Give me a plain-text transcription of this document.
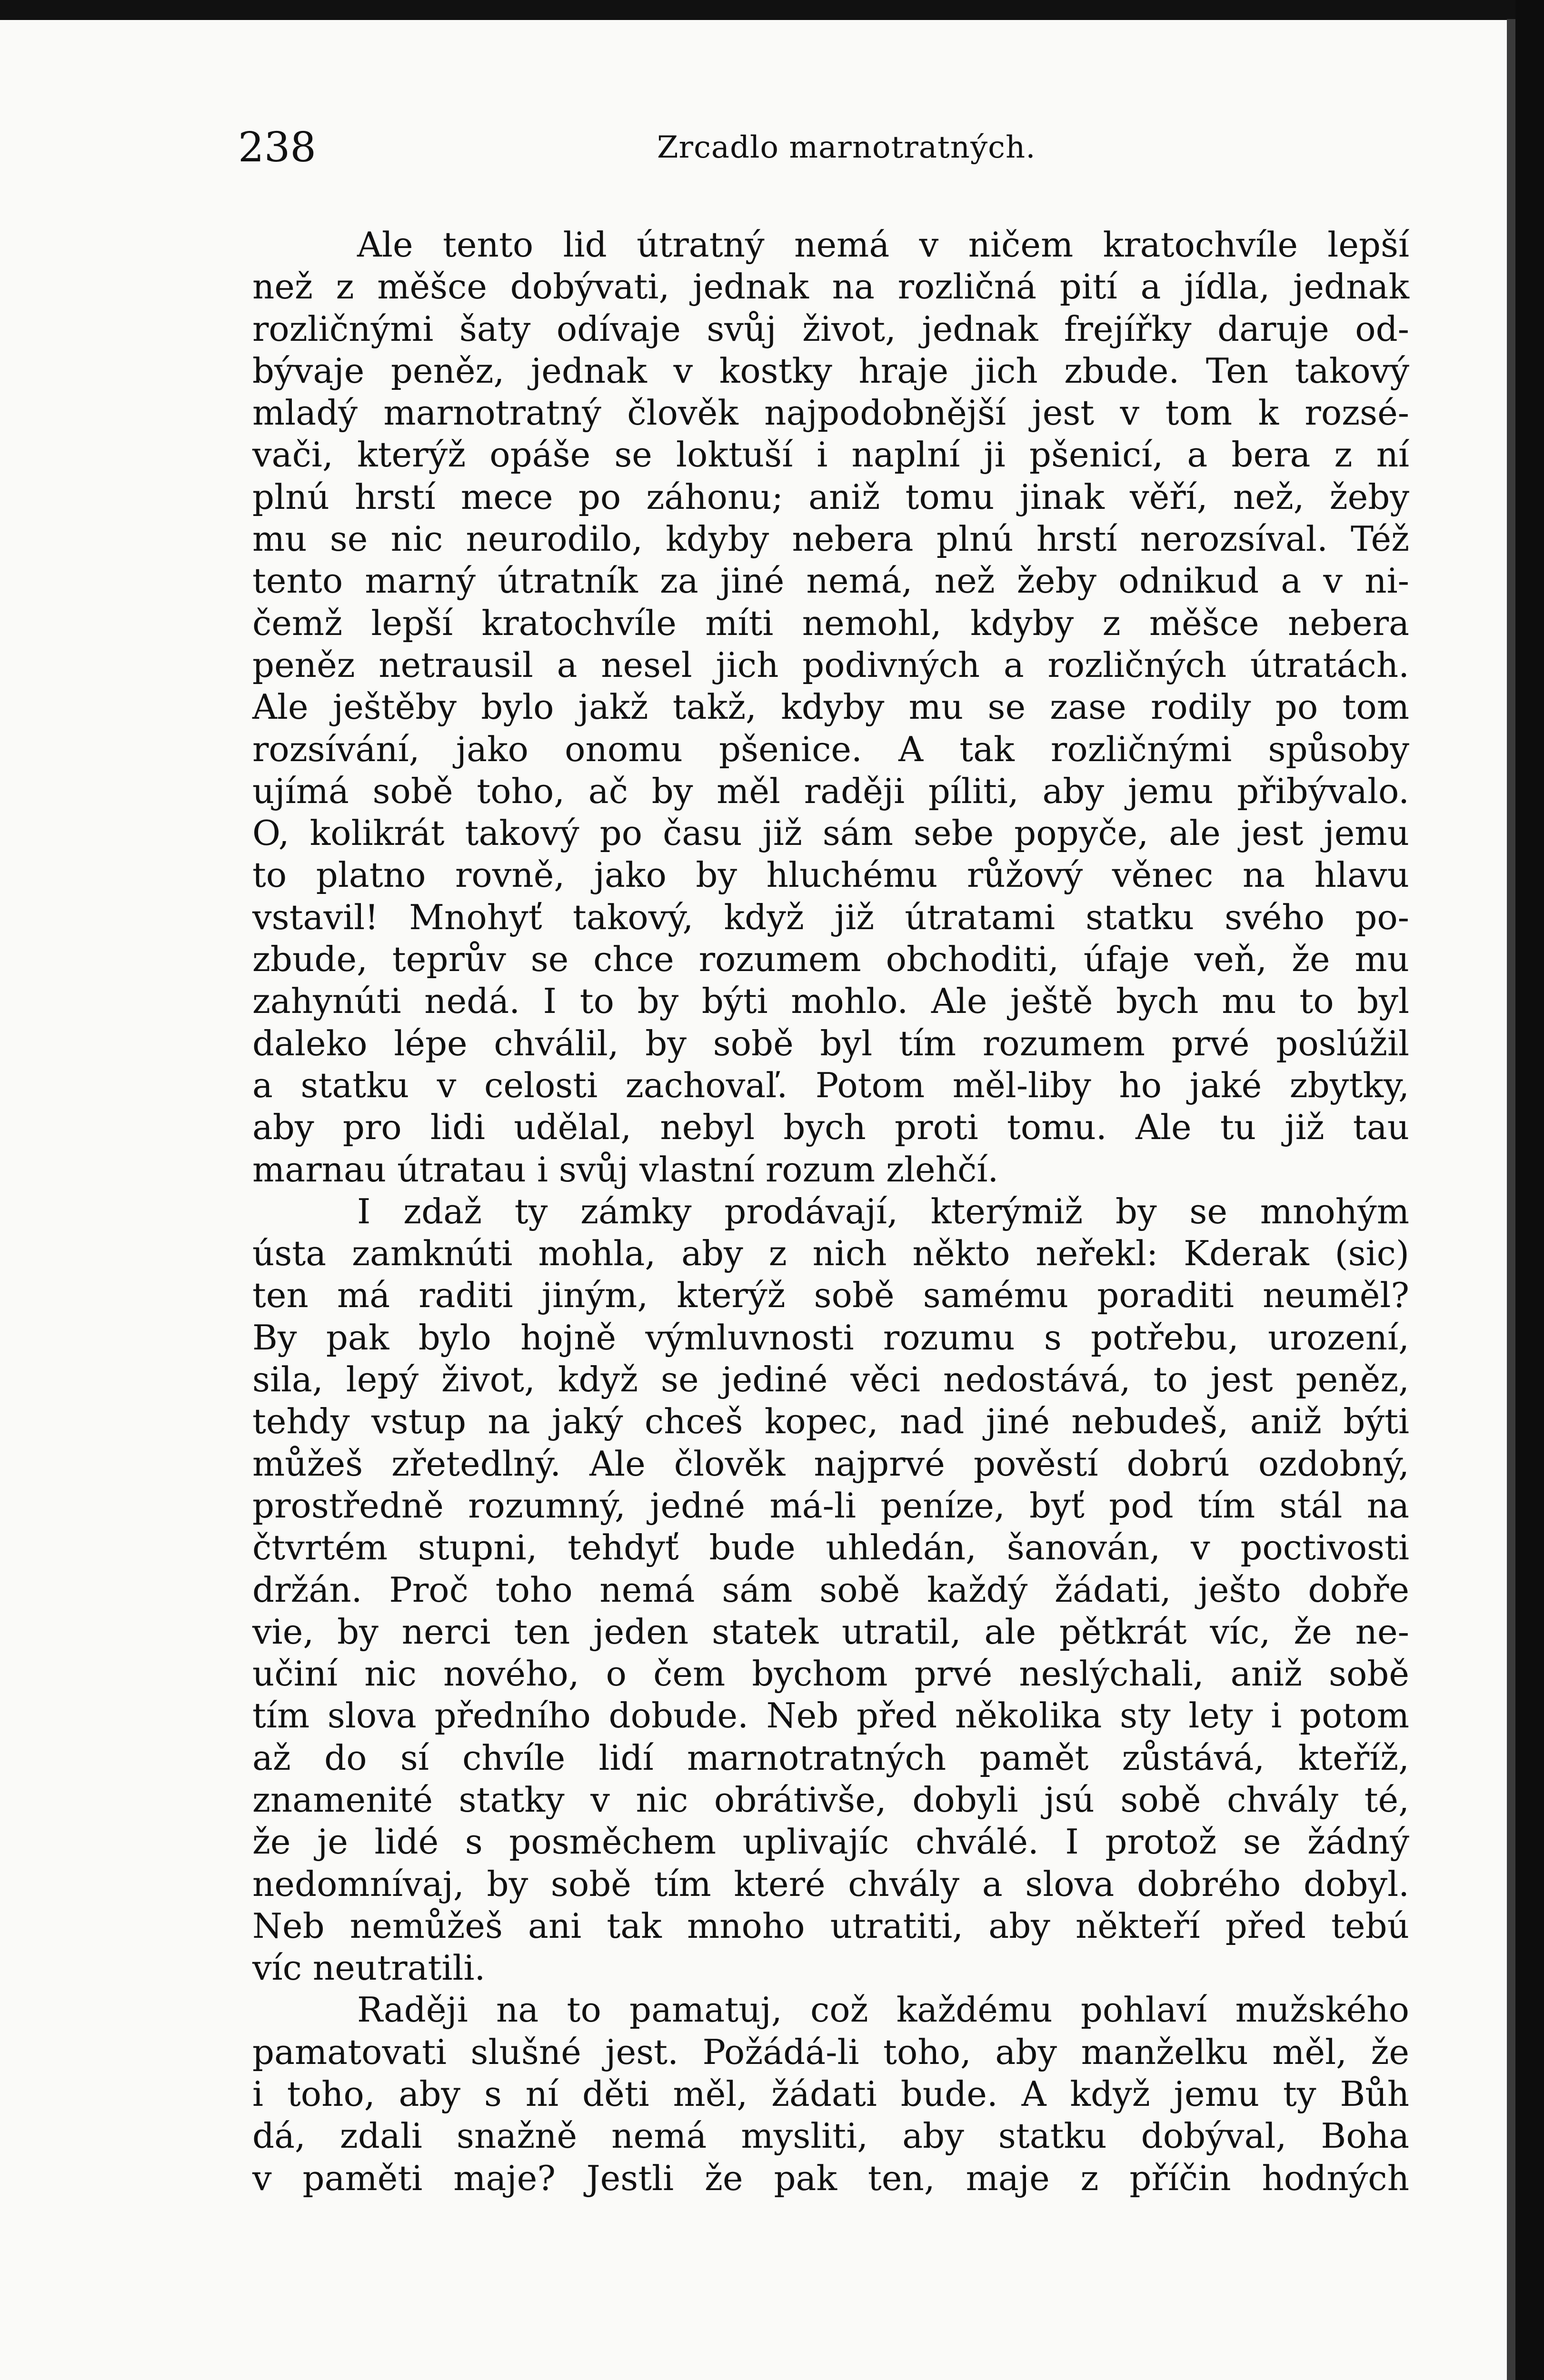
238	Zrcadlo marnotratných.
Ale tento lid útratný nemá v ničem kratochvíle lepší
než z měšce dobývati, jednak na rozličná pití a jídla, jednak
rozličnými šaty odívaje svůj život, jednak frejířky daruje od-
bývaje peněz, jednak v kostky hraje jich zbude. Ten takový
mladý marnotratný člověk najpodobnější jest v tom k rozsé-
vači, kterýž opáše se loktuší i naplní ji pšenicí, a bera z ní
plnú hrstí mece po záhonu; aniž tomu jinak věří, než, žeby
mu se nic neurodilo, kdyby nebera plnú hrstí nerozsíval. Též
tento marný útratník za jiné nemá, než žeby odnikud a v ni-
čemž lepší kratochvíle míti nemohl, kdyby z měšce nebera
peněz netrausil a nesel jich podivných a rozličných útratách.
Ale ještěby bylo jakž takž, kdyby mu se zase rodily po tom
rozsívání, jako onomu pšenice. A tak rozličnými spůsoby
ujímá sobě toho, ač by měl raději píliti, aby jemu přibývalo.
O, kolikrát takový po času již sám sebe popyče, ale jest jemu
to platno rovně, jako by hluchému růžový věnec na hlavu
vstavil! Mnohyť takový, když již útratami statku svého po-
zbude, teprův se chce rozumem obchoditi, úfaje veň, že mu
zahynúti nedá. I to by býti mohlo. Ale ještě bych mu to byl
daleko lépe chválil, by sobě byl tím rozumem prvé poslúžil
a statku v celosti zachovaľ. Potom měl-liby ho jaké zbytky,
aby pro lidi udělal, nebyl bych proti tomu. Ale tu již tau
marnau útratau i svůj vlastní rozum zlehčí.
I zdaž ty zámky prodávají, kterýmiž by se mnohým
ústa zamknúti mohla, aby z nich někto neřekl: Kderak (sic)
ten má raditi jiným, kterýž sobě samému poraditi neuměl?
By pak bylo hojně výmluvnosti rozumu s potřebu, urození,
sila, lepý život, když se jediné věci nedostává, to jest peněz,
tehdy vstup na jaký chceš kopec, nad jiné nebudeš, aniž býti
můžeš zřetedlný. Ale člověk najprvé pověstí dobrú ozdobný,
prostředně rozumný, jedné má-li peníze, byť pod tím stál na
čtvrtém stupni, tehdyť bude uhledán, šanován, v poctivosti
držán. Proč toho nemá sám sobě každý žádati, ješto dobře
vie, by nerci ten jeden statek utratil, ale pětkrát víc, že ne-
učiní nic nového, o čem bychom prvé neslýchali, aniž sobě
tím slova předního dobude. Neb před několika sty lety i potom
až do sí chvíle lidí marnotratných pamět zůstává, kteříž,
znamenité statky v nic obrátivše, dobyli jsú sobě chvály té,
že je lidé s posměchem uplivajíc chválé. I protož se žádný
nedomnívaj, by sobě tím které chvály a slova dobrého dobyl.
Neb nemůžeš ani tak mnoho utratiti, aby někteří před tebú
víc neutratili.
Raději na to pamatuj, což každému pohlaví mužského
pamatovati slušné jest. Požádá-li toho, aby manželku měl, že
i toho, aby s ní děti měl, žádati bude. A když jemu ty Bůh
dá, zdali snažně nemá mysliti, aby statku dobýval, Boha
v paměti maje? Jestli že pak ten, maje z příčin hodných
